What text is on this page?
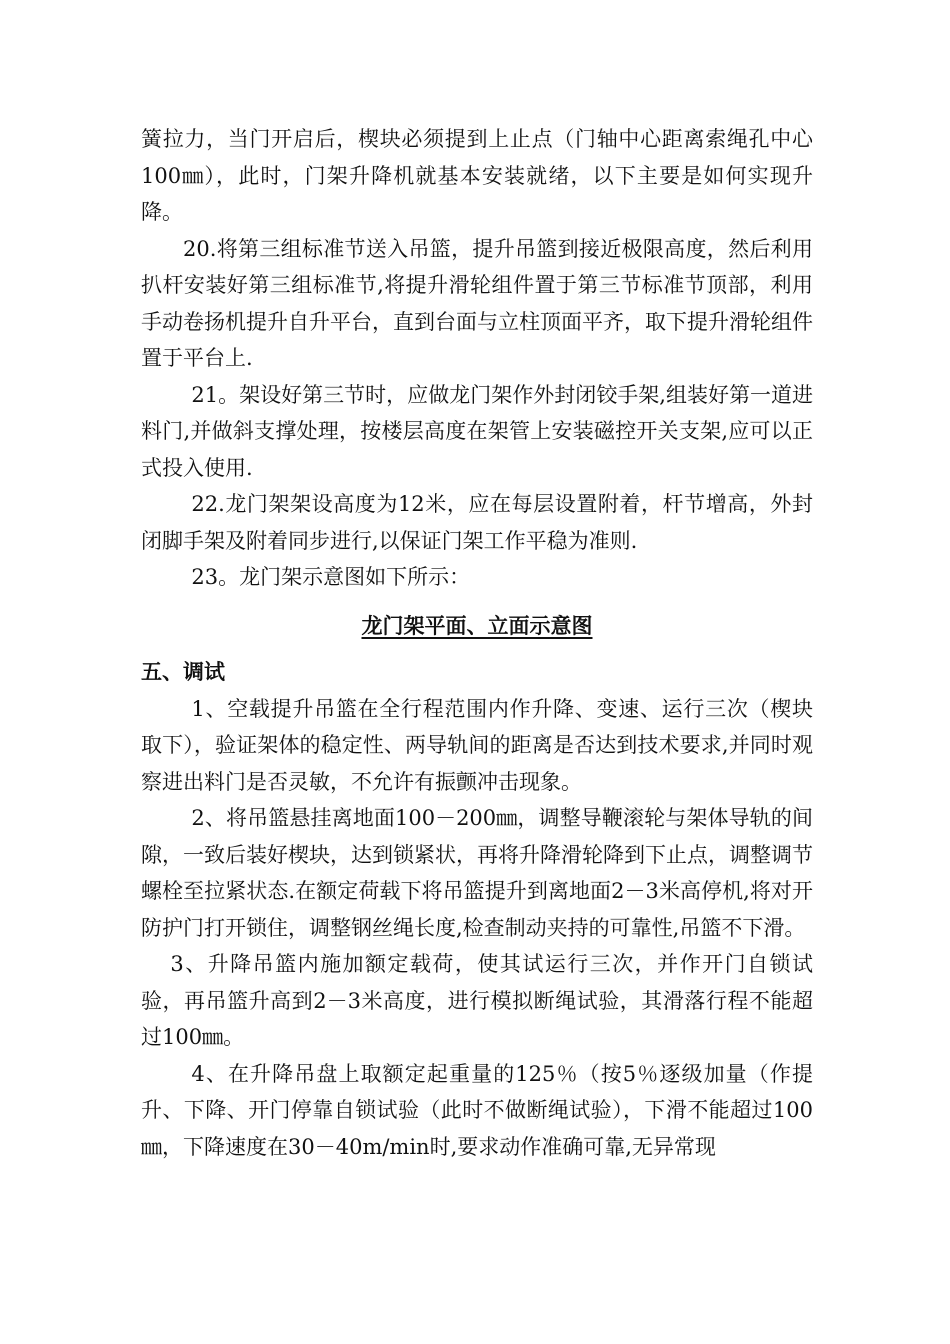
簧拉力，当门开启后，楔块必须提到上止点（门轴中心距离索绳孔中心100㎜），此时，门架升降机就基本安装就绪，以下主要是如何实现升降。

20.将第三组标准节送入吊篮，提升吊篮到接近极限高度，然后利用扒杆安装好第三组标准节,将提升滑轮组件置于第三节标准节顶部，利用手动卷扬机提升自升平台，直到台面与立柱顶面平齐，取下提升滑轮组件置于平台上.

21。架设好第三节时，应做龙门架作外封闭铰手架,组装好第一道进料门,并做斜支撑处理，按楼层高度在架管上安装磁控开关支架,应可以正式投入使用.

22.龙门架架设高度为12米，应在每层设置附着，杆节增高，外封闭脚手架及附着同步进行,以保证门架工作平稳为准则.

23。龙门架示意图如下所示：

龙门架平面、立面示意图

五、调试

1、空载提升吊篮在全行程范围内作升降、变速、运行三次（楔块取下），验证架体的稳定性、两导轨间的距离是否达到技术要求,并同时观察进出料门是否灵敏，不允许有振颤冲击现象。

2、将吊篮悬挂离地面100－200㎜，调整导鞭滚轮与架体导轨的间隙，一致后装好楔块，达到锁紧状，再将升降滑轮降到下止点，调整调节螺栓至拉紧状态.在额定荷载下将吊篮提升到离地面2－3米高停机,将对开防护门打开锁住，调整钢丝绳长度,检查制动夹持的可靠性,吊篮不下滑。

3、升降吊篮内施加额定载荷，使其试运行三次，并作开门自锁试验，再吊篮升高到2－3米高度，进行模拟断绳试验，其滑落行程不能超过100㎜。

4、在升降吊盘上取额定起重量的125％（按5％逐级加量（作提升、下降、开门停靠自锁试验（此时不做断绳试验），下滑不能超过100㎜，下降速度在30－40m/min时,要求动作准确可靠,无异常现
